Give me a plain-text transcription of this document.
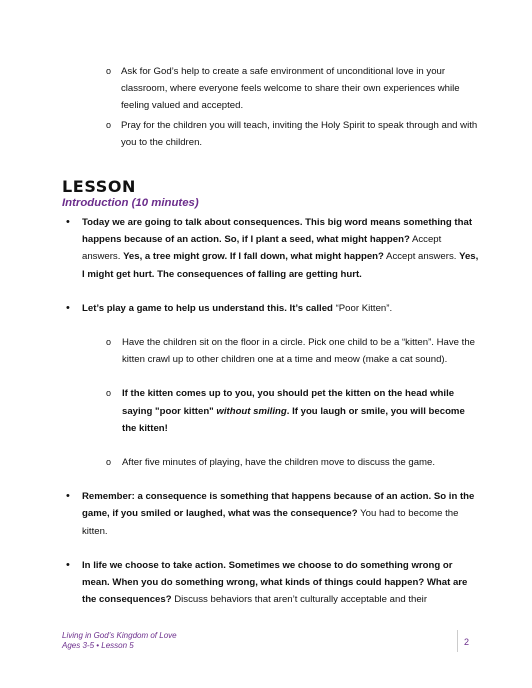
o Ask for God’s help to create a safe environment of unconditional love in your classroom, where everyone feels welcome to share their own experiences while feeling valued and accepted.
o Pray for the children you will teach, inviting the Holy Spirit to speak through and with you to the children.
LESSON
Introduction (10 minutes)
• Today we are going to talk about consequences. This big word means something that happens because of an action. So, if I plant a seed, what might happen? Accept answers. Yes, a tree might grow. If I fall down, what might happen? Accept answers. Yes, I might get hurt. The consequences of falling are getting hurt.
• Let’s play a game to help us understand this. It’s called “Poor Kitten”.
o Have the children sit on the floor in a circle. Pick one child to be a “kitten”. Have the kitten crawl up to other children one at a time and meow (make a cat sound).
o If the kitten comes up to you, you should pet the kitten on the head while saying "poor kitten" without smiling. If you laugh or smile, you will become the kitten!
o After five minutes of playing, have the children move to discuss the game.
• Remember: a consequence is something that happens because of an action. So in the game, if you smiled or laughed, what was the consequence? You had to become the kitten.
• In life we choose to take action. Sometimes we choose to do something wrong or mean. When you do something wrong, what kinds of things could happen? What are the consequences? Discuss behaviors that aren’t culturally acceptable and their
Living in God’s Kingdom of Love
Ages 3-5 • Lesson 5	2
